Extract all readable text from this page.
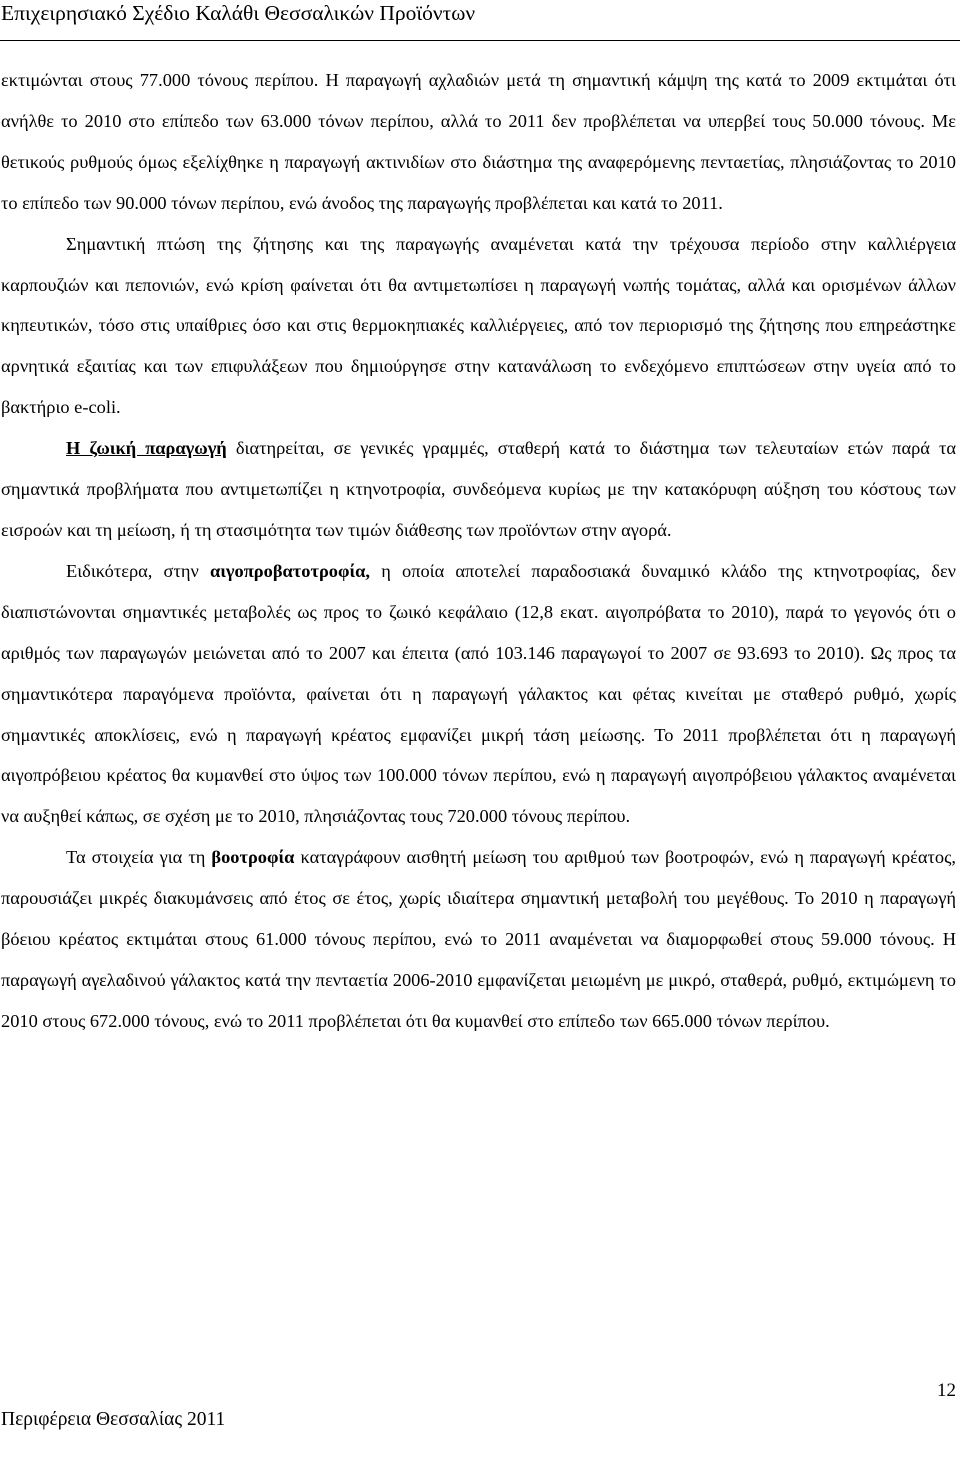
Επιχειρησιακό Σχέδιο Καλάθι Θεσσαλικών Προϊόντων

εκτιμώνται στους 77.000 τόνους περίπου. Η παραγωγή αχλαδιών μετά τη σημαντική κάμψη της κατά το 2009 εκτιμάται ότι ανήλθε το 2010 στο επίπεδο των 63.000 τόνων περίπου, αλλά το 2011 δεν προβλέπεται να υπερβεί τους 50.000 τόνους. Με θετικούς ρυθμούς όμως εξελίχθηκε η παραγωγή ακτινιδίων στο διάστημα της αναφερόμενης πενταετίας, πλησιάζοντας το 2010 το επίπεδο των 90.000 τόνων περίπου, ενώ άνοδος της παραγωγής προβλέπεται και κατά το 2011.

Σημαντική πτώση της ζήτησης και της παραγωγής αναμένεται κατά την τρέχουσα περίοδο στην καλλιέργεια καρπουζιών και πεπονιών, ενώ κρίση φαίνεται ότι θα αντιμετωπίσει η παραγωγή νωπής τομάτας, αλλά και ορισμένων άλλων κηπευτικών, τόσο στις υπαίθριες όσο και στις θερμοκηπιακές καλλιέργειες, από τον περιορισμό της ζήτησης που επηρεάστηκε αρνητικά εξαιτίας και των επιφυλάξεων που δημιούργησε στην κατανάλωση το ενδεχόμενο επιπτώσεων στην υγεία από το βακτήριο e-coli.

Η ζωική παραγωγή διατηρείται, σε γενικές γραμμές, σταθερή κατά το διάστημα των τελευταίων ετών παρά τα σημαντικά προβλήματα που αντιμετωπίζει η κτηνοτροφία, συνδεόμενα κυρίως με την κατακόρυφη αύξηση του κόστους των εισροών και τη μείωση, ή τη στασιμότητα των τιμών διάθεσης των προϊόντων στην αγορά.

Ειδικότερα, στην αιγοπροβατοτροφία, η οποία αποτελεί παραδοσιακά δυναμικό κλάδο της κτηνοτροφίας, δεν διαπιστώνονται σημαντικές μεταβολές ως προς το ζωικό κεφάλαιο (12,8 εκατ. αιγοπρόβατα το 2010), παρά το γεγονός ότι ο αριθμός των παραγωγών μειώνεται από το 2007 και έπειτα (από 103.146 παραγωγοί το 2007 σε 93.693 το 2010). Ως προς τα σημαντικότερα παραγόμενα προϊόντα, φαίνεται ότι η παραγωγή γάλακτος και φέτας κινείται με σταθερό ρυθμό, χωρίς σημαντικές αποκλίσεις, ενώ η παραγωγή κρέατος εμφανίζει μικρή τάση μείωσης. Το 2011 προβλέπεται ότι η παραγωγή αιγοπρόβειου κρέατος θα κυμανθεί στο ύψος των 100.000 τόνων περίπου, ενώ η παραγωγή αιγοπρόβειου γάλακτος αναμένεται να αυξηθεί κάπως, σε σχέση με το 2010, πλησιάζοντας τους 720.000 τόνους περίπου.

Τα στοιχεία για τη βοοτροφία καταγράφουν αισθητή μείωση του αριθμού των βοοτροφών, ενώ η παραγωγή κρέατος, παρουσιάζει μικρές διακυμάνσεις από έτος σε έτος, χωρίς ιδιαίτερα σημαντική μεταβολή του μεγέθους. Το 2010 η παραγωγή βόειου κρέατος εκτιμάται στους 61.000 τόνους περίπου, ενώ το 2011 αναμένεται να διαμορφωθεί στους 59.000 τόνους. Η παραγωγή αγελαδινού γάλακτος κατά την πενταετία 2006-2010 εμφανίζεται μειωμένη με μικρό, σταθερά, ρυθμό, εκτιμώμενη το 2010 στους 672.000 τόνους, ενώ το 2011 προβλέπεται ότι θα κυμανθεί στο επίπεδο των 665.000 τόνων περίπου.

12
Περιφέρεια Θεσσαλίας 2011
